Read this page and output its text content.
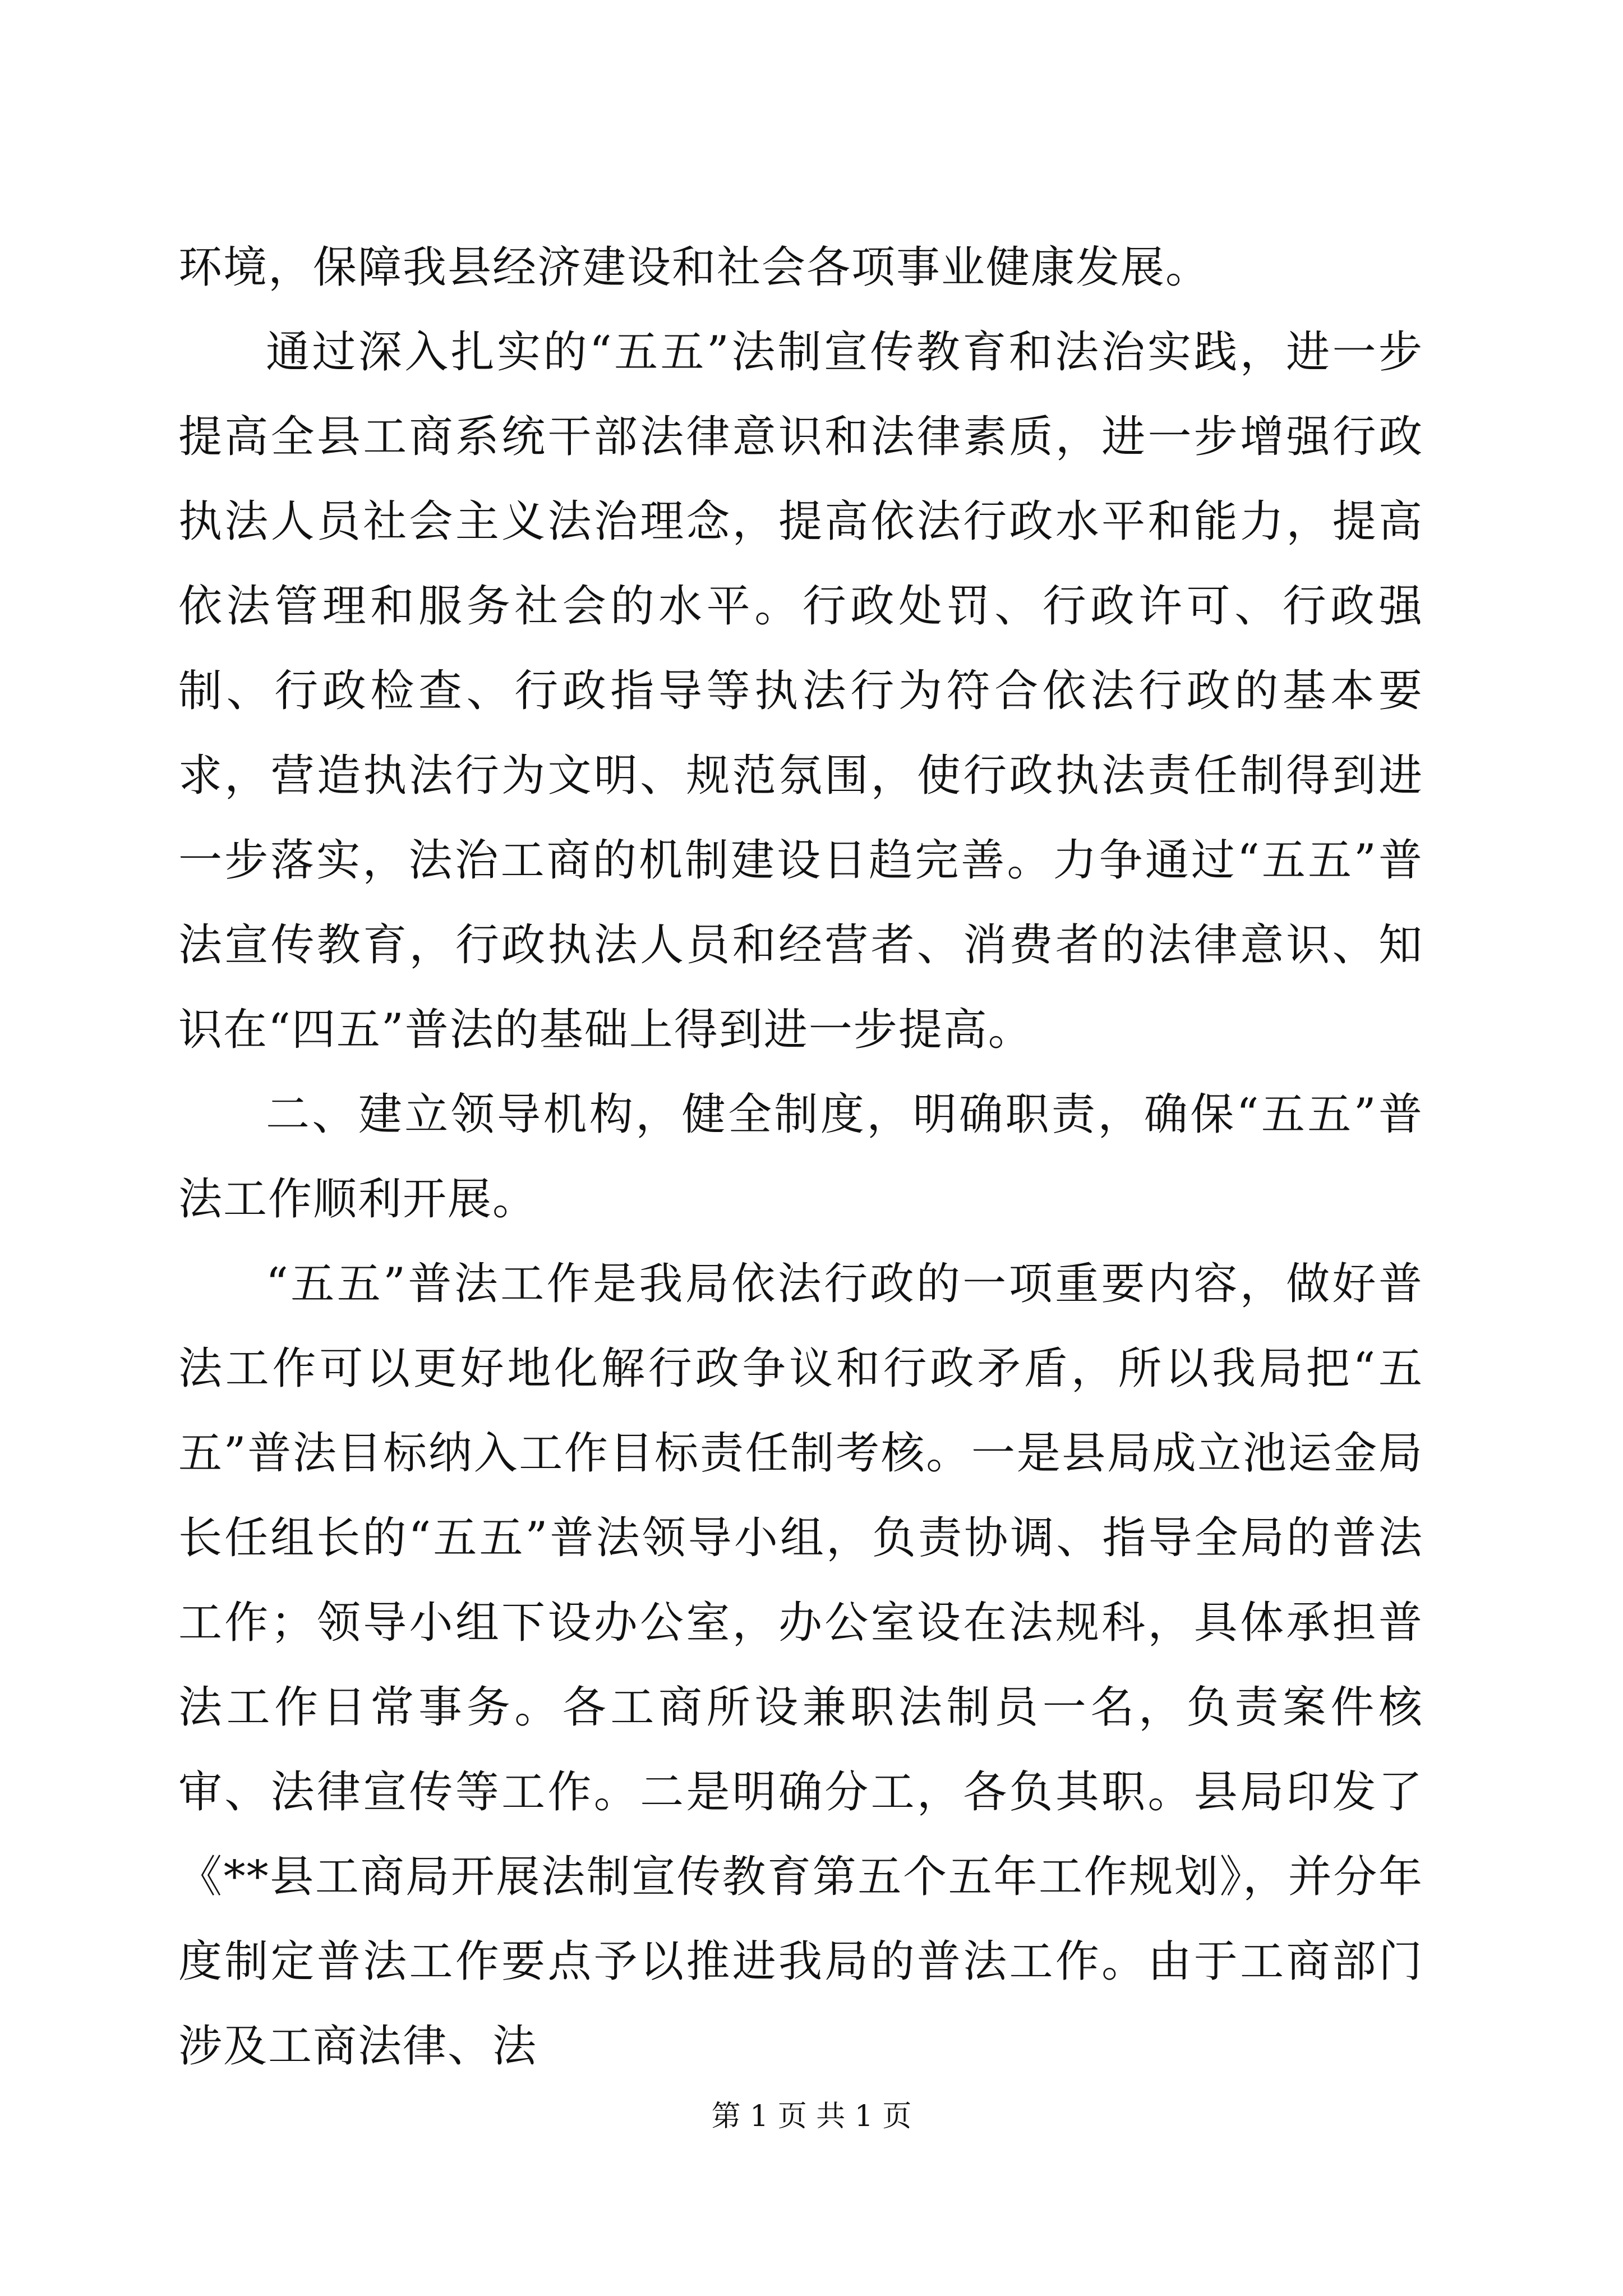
环境，保障我县经济建设和社会各项事业健康发展。

通过深入扎实的“五五”法制宣传教育和法治实践，进一步提高全县工商系统干部法律意识和法律素质，进一步增强行政执法人员社会主义法治理念，提高依法行政水平和能力，提高依法管理和服务社会的水平。行政处罚、行政许可、行政强制、行政检查、行政指导等执法行为符合依法行政的基本要求，营造执法行为文明、规范氛围，使行政执法责任制得到进一步落实，法治工商的机制建设日趋完善。力争通过“五五”普法宣传教育，行政执法人员和经营者、消费者的法律意识、知识在“四五”普法的基础上得到进一步提高。

二、建立领导机构，健全制度，明确职责，确保“五五”普法工作顺利开展。

“五五”普法工作是我局依法行政的一项重要内容，做好普法工作可以更好地化解行政争议和行政矛盾，所以我局把“五五”普法目标纳入工作目标责任制考核。一是县局成立池运金局长任组长的“五五”普法领导小组，负责协调、指导全局的普法工作；领导小组下设办公室，办公室设在法规科，具体承担普法工作日常事务。各工商所设兼职法制员一名，负责案件核审、法律宣传等工作。二是明确分工，各负其职。县局印发了《**县工商局开展法制宣传教育第五个五年工作规划》，并分年度制定普法工作要点予以推进我局的普法工作。由于工商部门涉及工商法律、法

第 1 页 共 1 页
